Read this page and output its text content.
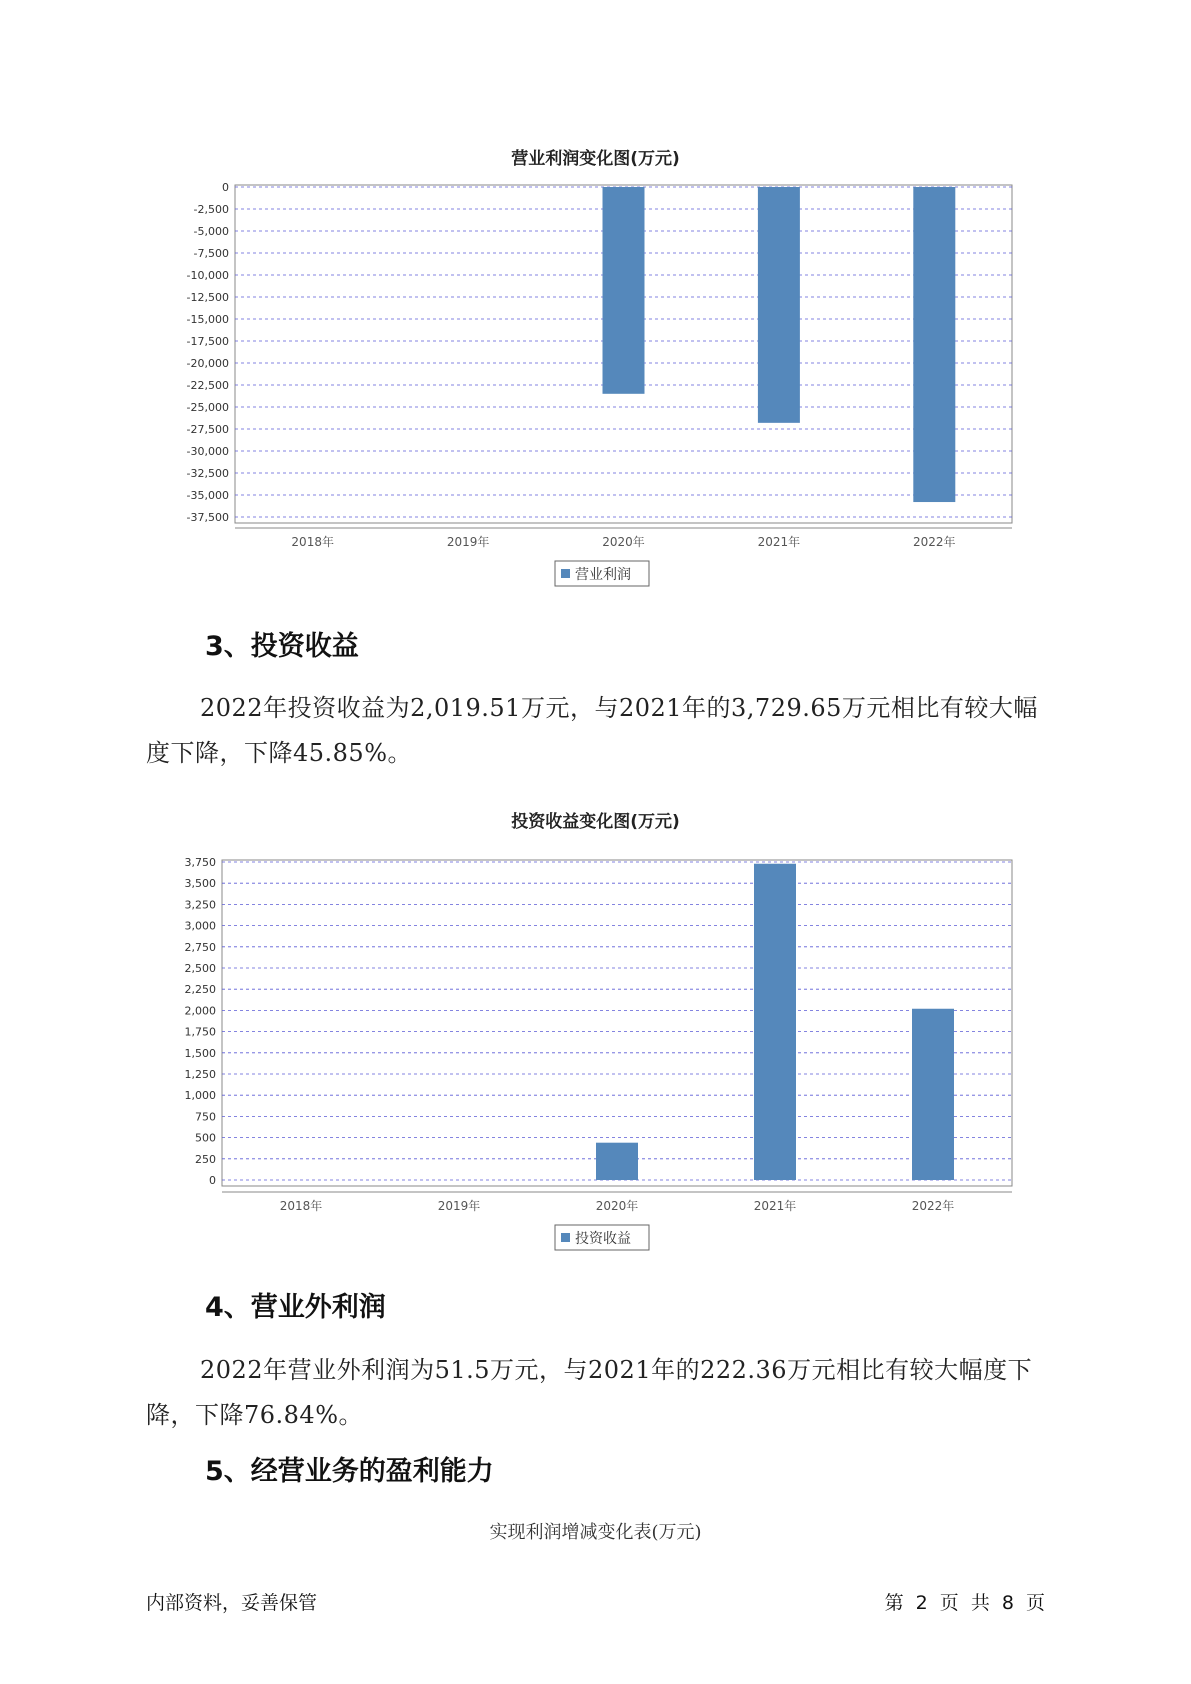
营业利润变化图(万元)
0
-2,500
-5,000
-7,500
-10,000
-12,500
-15,000
-17,500
-20,000
-22,500
-25,000
-27,500
-30,000
-32,500
-35,000
-37,500
2018年	2019年	2020年	2021年	2022年
营业利润
3、投资收益

2022年投资收益为2,019.51万元，与2021年的3,729.65万元相比有较大幅度下降，下降45.85%。

投资收益变化图(万元)
3,750
3,500
3,250
3,000
2,750
2,500
2,250
2,000
1,750
1,500
1,250
1,000
750
500
250
0
2018年	2019年	2020年	2021年	2022年
投资收益
4、营业外利润

2022年营业外利润为51.5万元，与2021年的222.36万元相比有较大幅度下降，下降76.84%。

5、经营业务的盈利能力
实现利润增减变化表(万元)
内部资料，妥善保管	第 2 页 共 8 页
